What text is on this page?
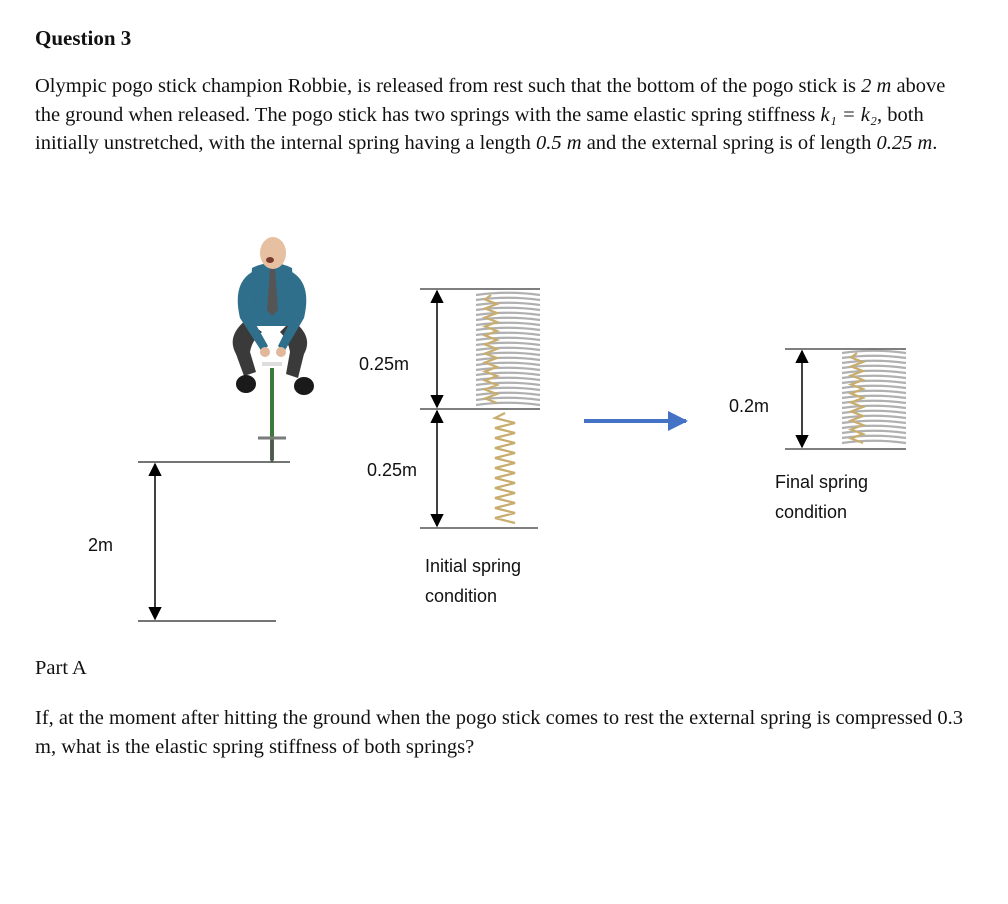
Question 3

Olympic pogo stick champion Robbie, is released from rest such that the bottom of the pogo stick is 2 m above the ground when released. The pogo stick has two springs with the same elastic spring stiffness k₁ = k₂, both initially unstretched, with the internal spring having a length 0.5 m and the external spring is of length 0.25 m.

2m
0.25m
0.25m
Initial spring
condition
0.2m
Final spring
condition

Part A

If, at the moment after hitting the ground when the pogo stick comes to rest the external spring is compressed 0.3 m, what is the elastic spring stiffness of both springs?
